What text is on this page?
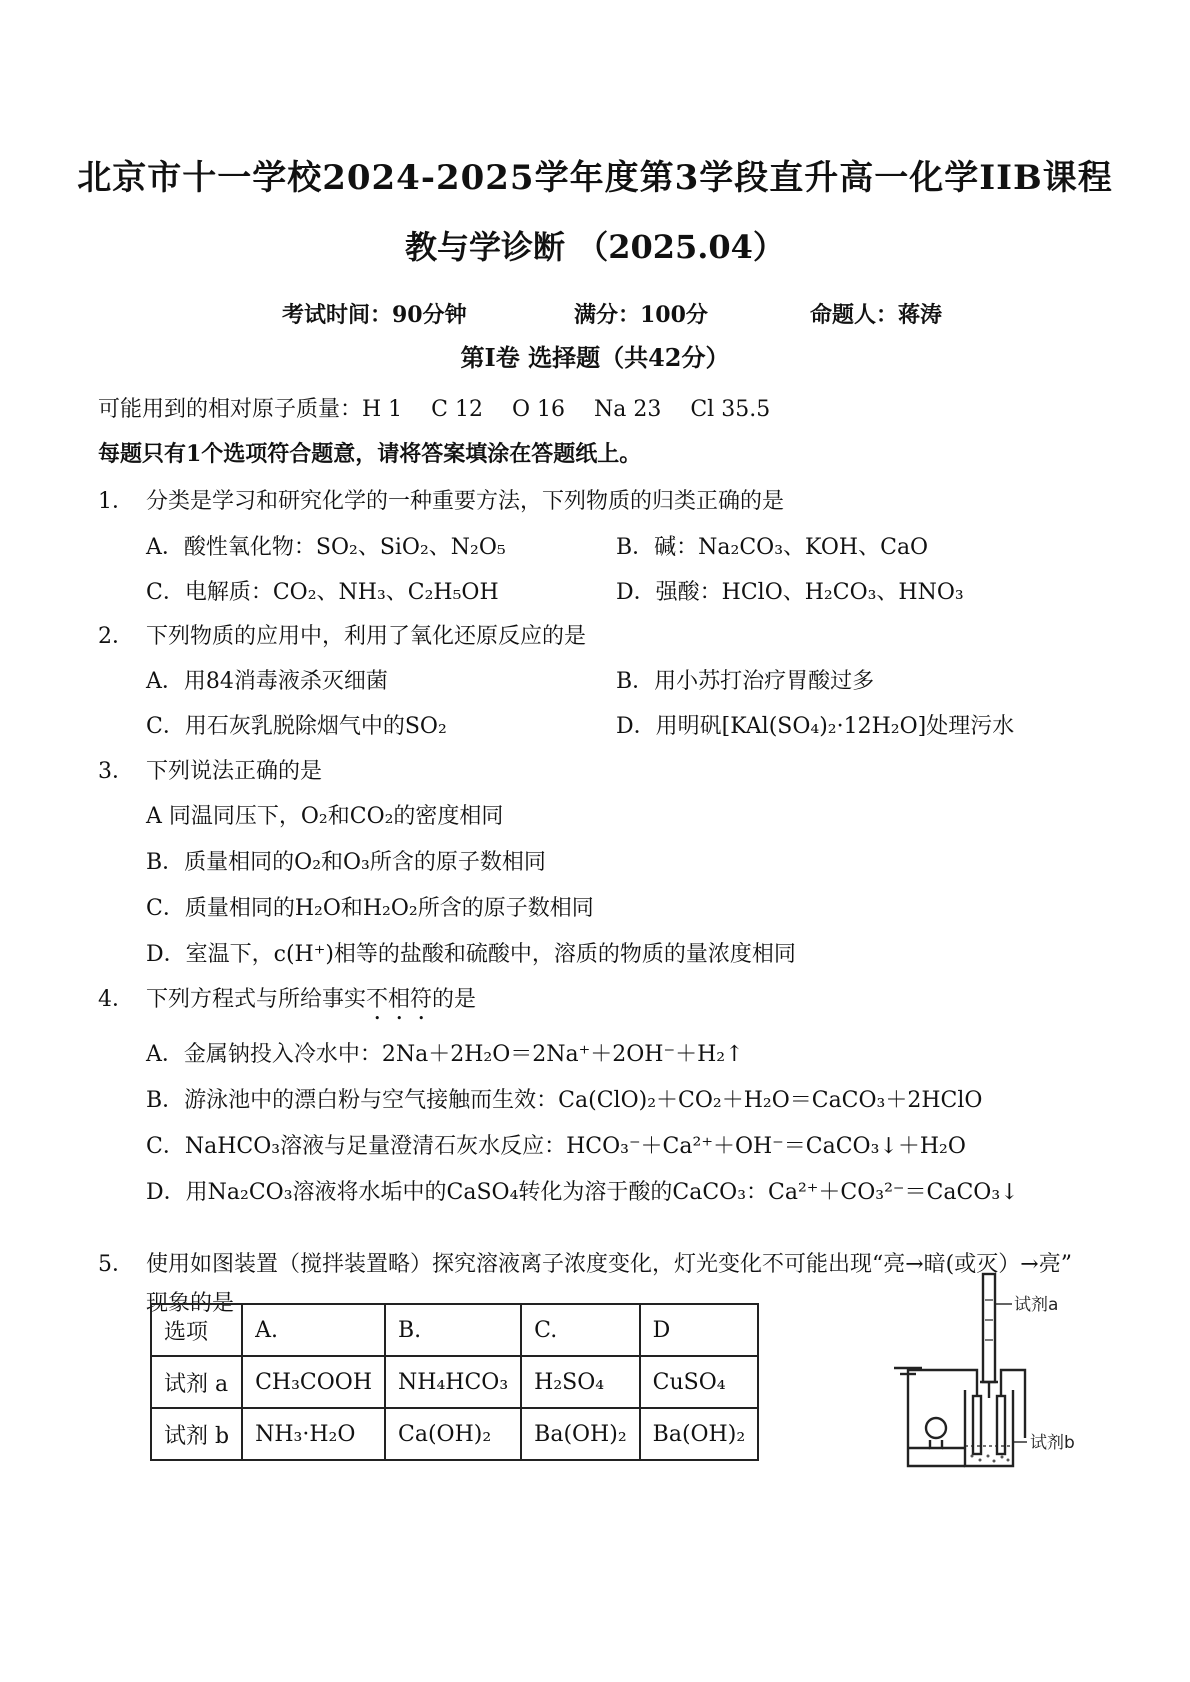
北京市十一学校2024-2025学年度第3学段直升高一化学IIB课程
教与学诊断 （2025.04）
考试时间：90分钟	满分：100分	命题人：蒋涛
第I卷 选择题（共42分）
可能用到的相对原子质量：H 1　 C 12　 O 16　 Na 23　 Cl 35.5
每题只有1个选项符合题意，请将答案填涂在答题纸上。
1． 分类是学习和研究化学的一种重要方法，下列物质的归类正确的是
A．酸性氧化物：SO₂、SiO₂、N₂O₅	B．碱：Na₂CO₃、KOH、CaO
C．电解质：CO₂、NH₃、C₂H₅OH	D．强酸：HClO、H₂CO₃、HNO₃
2． 下列物质的应用中，利用了氧化还原反应的是
A．用84消毒液杀灭细菌	B．用小苏打治疗胃酸过多
C．用石灰乳脱除烟气中的SO₂	D．用明矾[KAl(SO₄)₂·12H₂O]处理污水
3． 下列说法正确的是
A 同温同压下，O₂和CO₂的密度相同
B．质量相同的O₂和O₃所含的原子数相同
C．质量相同的H₂O和H₂O₂所含的原子数相同
D．室温下，c(H⁺)相等的盐酸和硫酸中，溶质的物质的量浓度相同
4． 下列方程式与所给事实不相符的是
A．金属钠投入冷水中：2Na＋2H₂O＝2Na⁺＋2OH⁻＋H₂↑
B．游泳池中的漂白粉与空气接触而生效：Ca(ClO)₂＋CO₂＋H₂O＝CaCO₃＋2HClO
C．NaHCO₃溶液与足量澄清石灰水反应：HCO₃⁻＋Ca²⁺＋OH⁻＝CaCO₃↓＋H₂O
D．用Na₂CO₃溶液将水垢中的CaSO₄转化为溶于酸的CaCO₃：Ca²⁺＋CO₃²⁻＝CaCO₃↓
5． 使用如图装置（搅拌装置略）探究溶液离子浓度变化，灯光变化不可能出现“亮→暗(或灭）→亮”
现象的是
选项	A.	B.	C.	D
试剂 a	CH₃COOH	NH₄HCO₃	H₂SO₄	CuSO₄
试剂 b	NH₃·H₂O	Ca(OH)₂	Ba(OH)₂	Ba(OH)₂
试剂a
试剂b
